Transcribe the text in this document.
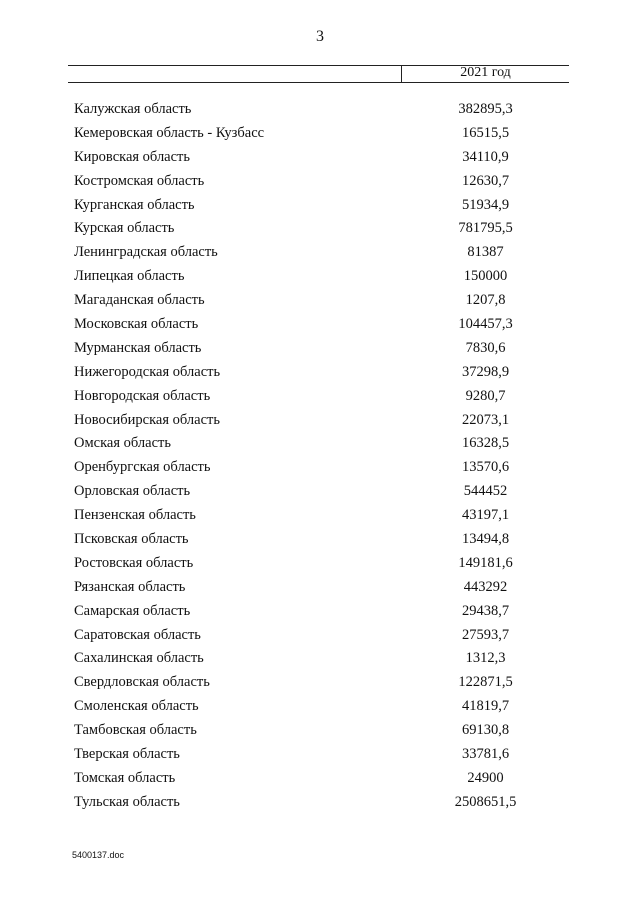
3
2021 год
Калужская область	382895,3
Кемеровская область - Кузбасс	16515,5
Кировская область	34110,9
Костромская область	12630,7
Курганская область	51934,9
Курская область	781795,5
Ленинградская область	81387
Липецкая область	150000
Магаданская область	1207,8
Московская область	104457,3
Мурманская область	7830,6
Нижегородская область	37298,9
Новгородская область	9280,7
Новосибирская область	22073,1
Омская область	16328,5
Оренбургская область	13570,6
Орловская область	544452
Пензенская область	43197,1
Псковская область	13494,8
Ростовская область	149181,6
Рязанская область	443292
Самарская область	29438,7
Саратовская область	27593,7
Сахалинская область	1312,3
Свердловская область	122871,5
Смоленская область	41819,7
Тамбовская область	69130,8
Тверская область	33781,6
Томская область	24900
Тульская область	2508651,5
5400137.doc
